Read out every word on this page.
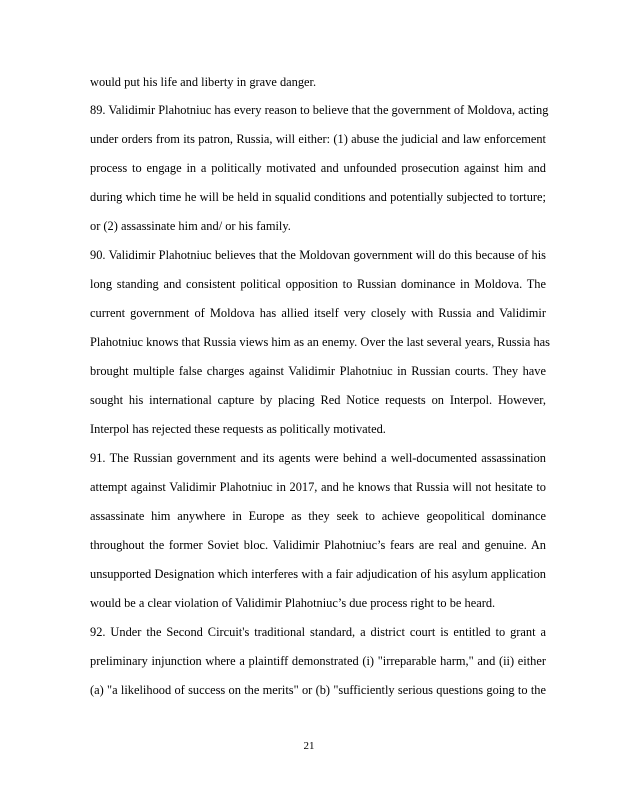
would put his life and liberty in grave danger.
89. Validimir Plahotniuc has every reason to believe that the government of Moldova, acting
under orders from its patron, Russia, will either: (1) abuse the judicial and law enforcement
process to engage in a politically motivated and unfounded prosecution against him and
during which time he will be held in squalid conditions and potentially subjected to torture;
or (2) assassinate him and/ or his family.
90. Validimir Plahotniuc believes that the Moldovan government will do this because of his
long standing and consistent political opposition to Russian dominance in Moldova. The
current government of Moldova has allied itself very closely with Russia and Validimir
Plahotniuc knows that Russia views him as an enemy. Over the last several years, Russia has
brought multiple false charges against Validimir Plahotniuc in Russian courts. They have
sought his international capture by placing Red Notice requests on Interpol. However,
Interpol has rejected these requests as politically motivated.
91. The Russian government and its agents were behind a well-documented assassination
attempt against Validimir Plahotniuc in 2017, and he knows that Russia will not hesitate to
assassinate him anywhere in Europe as they seek to achieve geopolitical dominance
throughout the former Soviet bloc. Validimir Plahotniuc’s fears are real and genuine. An
unsupported Designation which interferes with a fair adjudication of his asylum application
would be a clear violation of Validimir Plahotniuc’s due process right to be heard.
92. Under the Second Circuit's traditional standard, a district court is entitled to grant a
preliminary injunction where a plaintiff demonstrated (i) "irreparable harm," and (ii) either
(a) "a likelihood of success on the merits" or (b) "sufficiently serious questions going to the
21
